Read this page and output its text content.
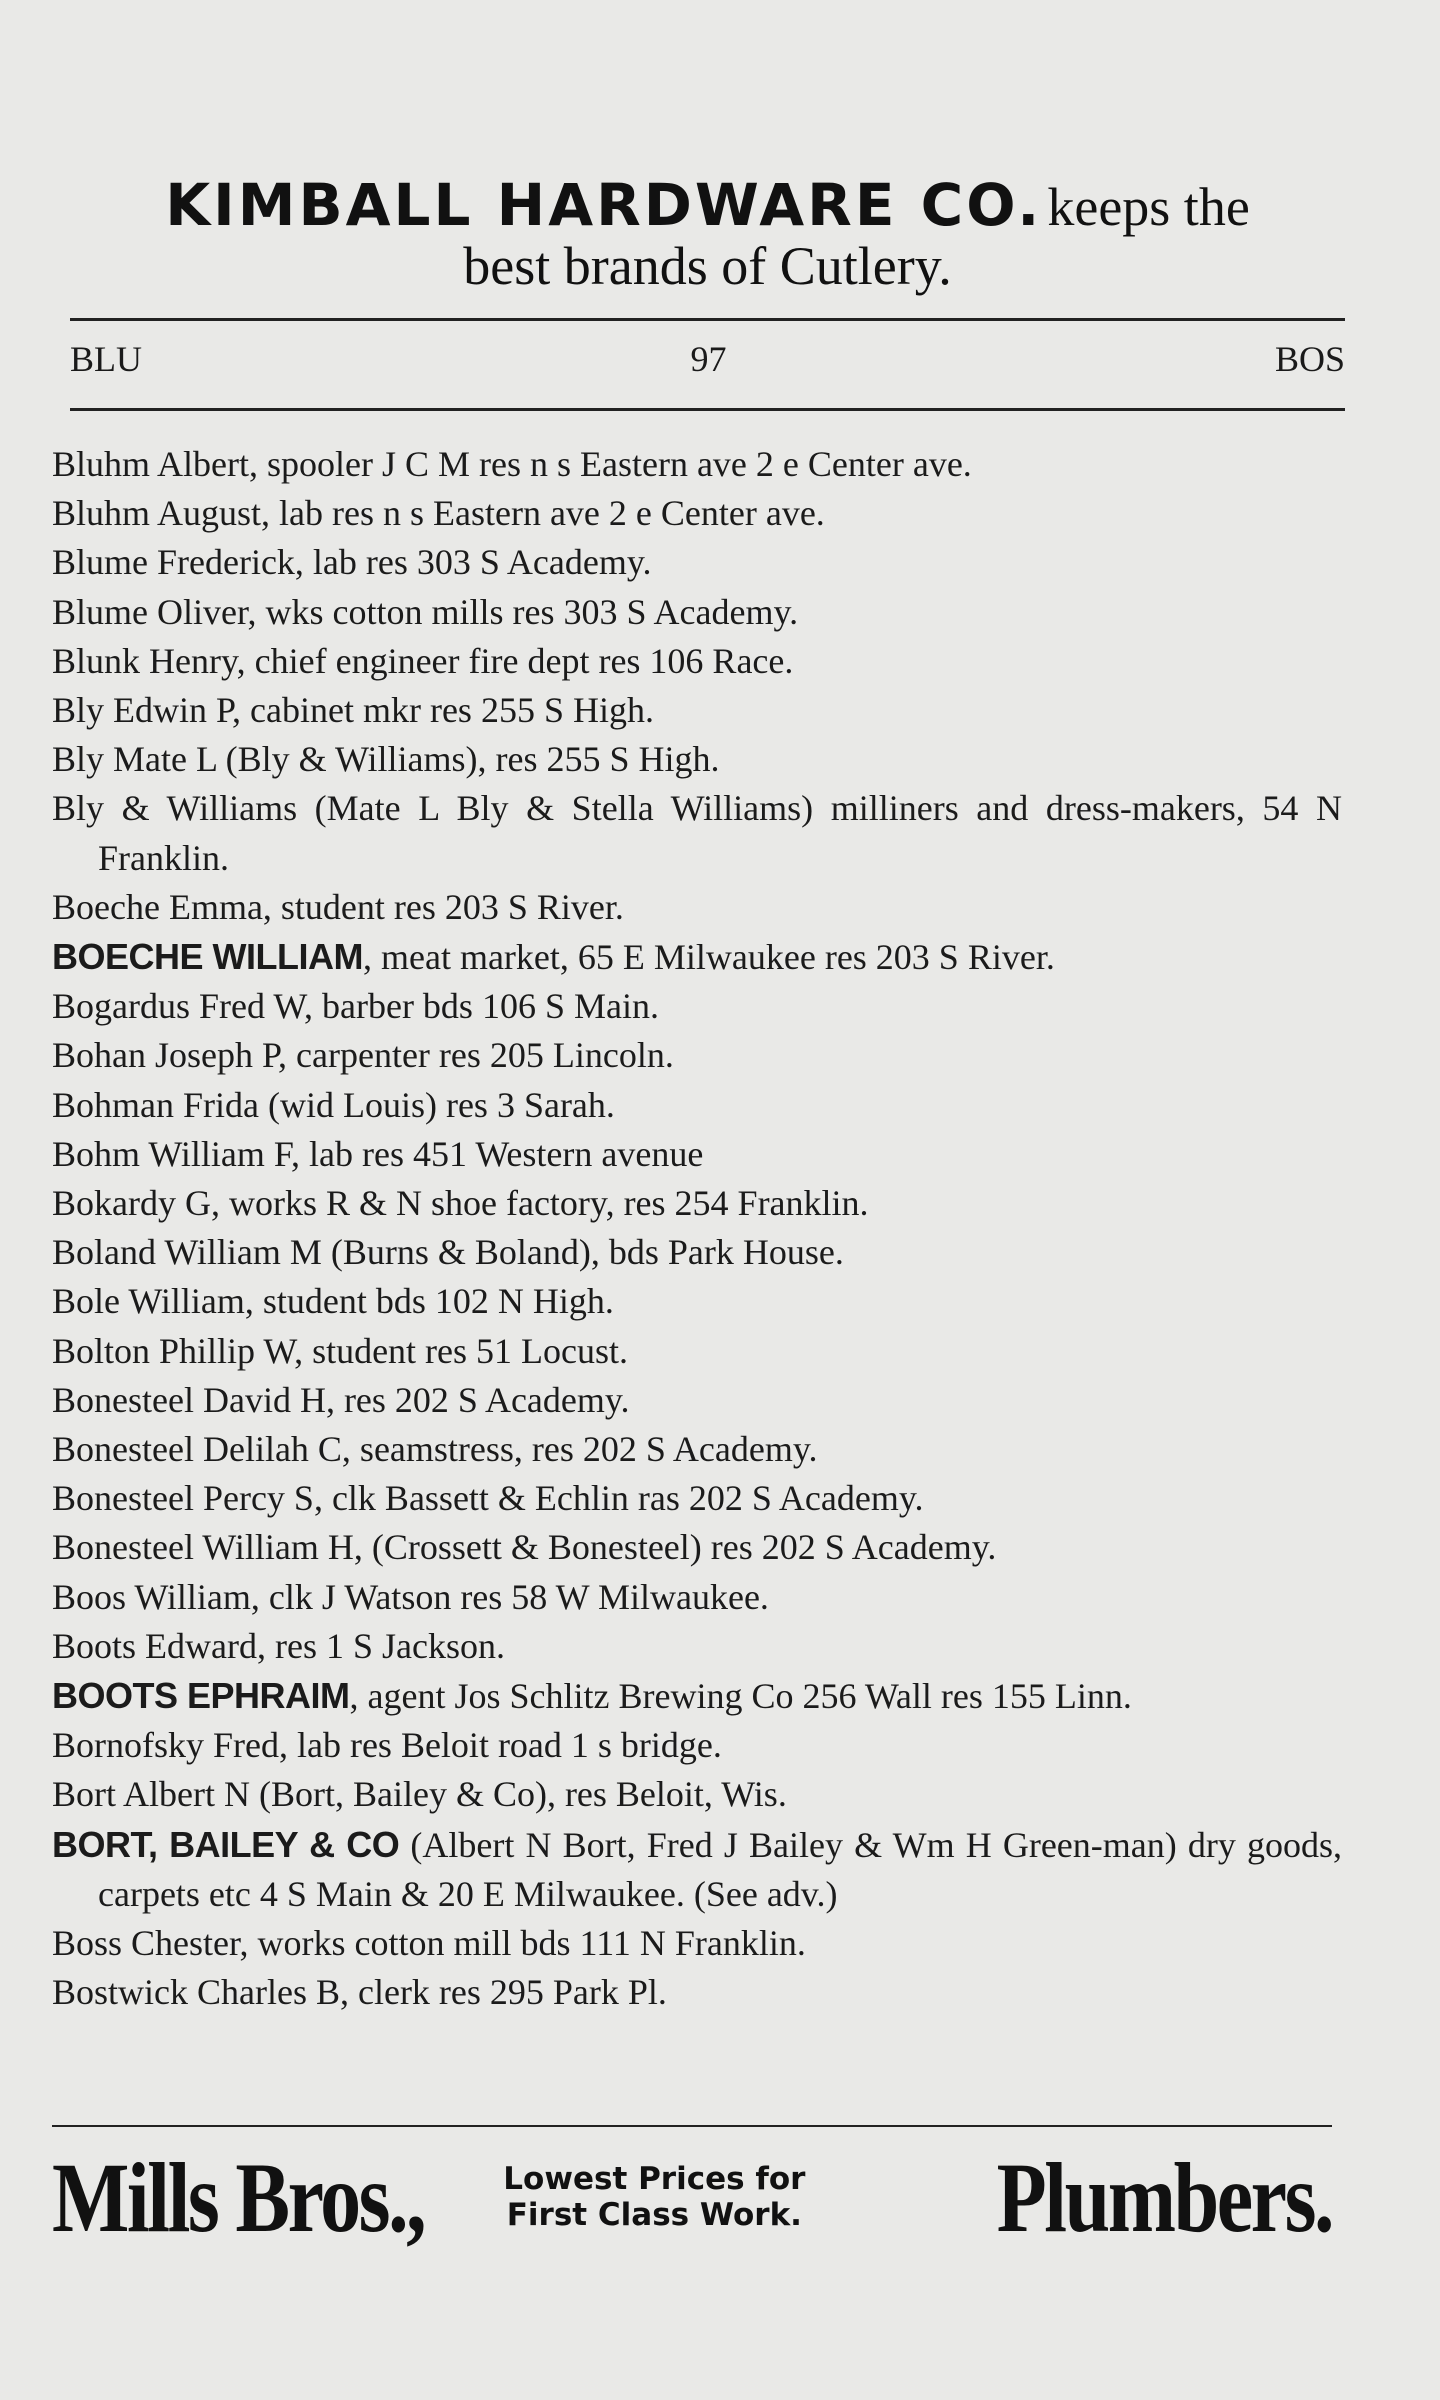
KIMBALL HARDWARE CO. keeps the
best brands of Cutlery.
BLU	97	BOS
Bluhm Albert, spooler J C M res n s Eastern ave 2 e Center ave.
Bluhm August, lab res n s Eastern ave 2 e Center ave.
Blume Frederick, lab res 303 S Academy.
Blume Oliver, wks cotton mills res 303 S Academy.
Blunk Henry, chief engineer fire dept res 106 Race.
Bly Edwin P, cabinet mkr res 255 S High.
Bly Mate L (Bly & Williams), res 255 S High.
Bly & Williams (Mate L Bly & Stella Williams) milliners and dress-makers, 54 N Franklin.
Boeche Emma, student res 203 S River.
BOECHE WILLIAM, meat market, 65 E Milwaukee res 203 S River.
Bogardus Fred W, barber bds 106 S Main.
Bohan Joseph P, carpenter res 205 Lincoln.
Bohman Frida (wid Louis) res 3 Sarah.
Bohm William F, lab res 451 Western avenue
Bokardy G, works R & N shoe factory, res 254 Franklin.
Boland William M (Burns & Boland), bds Park House.
Bole William, student bds 102 N High.
Bolton Phillip W, student res 51 Locust.
Bonesteel David H, res 202 S Academy.
Bonesteel Delilah C, seamstress, res 202 S Academy.
Bonesteel Percy S, clk Bassett & Echlin ras 202 S Academy.
Bonesteel William H, (Crossett & Bonesteel) res 202 S Academy.
Boos William, clk J Watson res 58 W Milwaukee.
Boots Edward, res 1 S Jackson.
BOOTS EPHRAIM, agent Jos Schlitz Brewing Co 256 Wall res 155 Linn.
Bornofsky Fred, lab res Beloit road 1 s bridge.
Bort Albert N (Bort, Bailey & Co), res Beloit, Wis.
BORT, BAILEY & CO (Albert N Bort, Fred J Bailey & Wm H Green-man) dry goods, carpets etc 4 S Main & 20 E Milwaukee. (See adv.)
Boss Chester, works cotton mill bds 111 N Franklin.
Bostwick Charles B, clerk res 295 Park Pl.
Mills Bros.,	Lowest Prices for
First Class Work. Plumbers.
